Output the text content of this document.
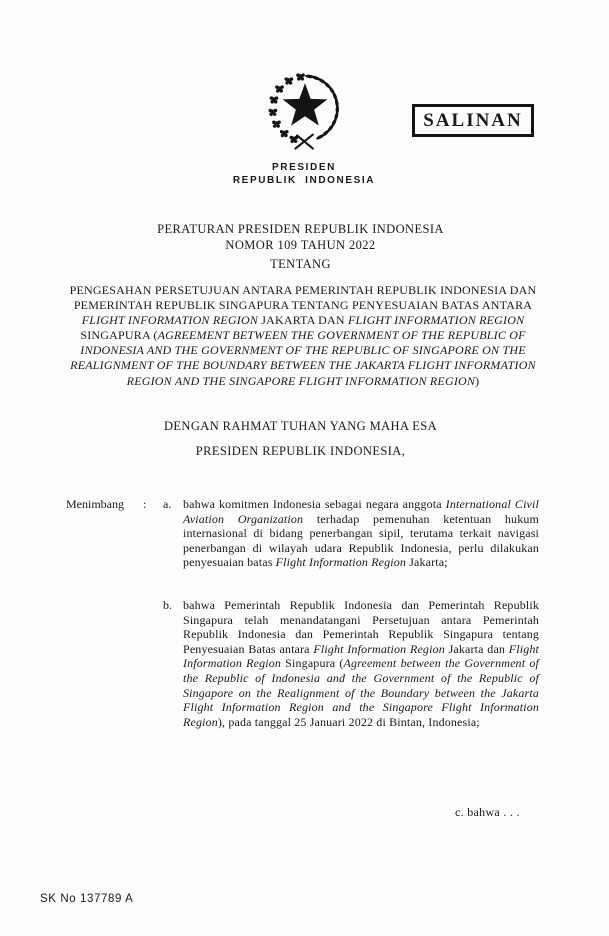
SALINAN
PRESIDEN
REPUBLIK INDONESIA
PERATURAN PRESIDEN REPUBLIK INDONESIA
NOMOR 109 TAHUN 2022
TENTANG
PENGESAHAN PERSETUJUAN ANTARA PEMERINTAH REPUBLIK INDONESIA DAN PEMERINTAH REPUBLIK SINGAPURA TENTANG PENYESUAIAN BATAS ANTARA FLIGHT INFORMATION REGION JAKARTA DAN FLIGHT INFORMATION REGION SINGAPURA (AGREEMENT BETWEEN THE GOVERNMENT OF THE REPUBLIC OF INDONESIA AND THE GOVERNMENT OF THE REPUBLIC OF SINGAPORE ON THE REALIGNMENT OF THE BOUNDARY BETWEEN THE JAKARTA FLIGHT INFORMATION REGION AND THE SINGAPORE FLIGHT INFORMATION REGION)
DENGAN RAHMAT TUHAN YANG MAHA ESA
PRESIDEN REPUBLIK INDONESIA,
Menimbang	:	a. bahwa komitmen Indonesia sebagai negara anggota International Civil Aviation Organization terhadap pemenuhan ketentuan hukum internasional di bidang penerbangan sipil, terutama terkait navigasi penerbangan di wilayah udara Republik Indonesia, perlu dilakukan penyesuaian batas Flight Information Region Jakarta;
b. bahwa Pemerintah Republik Indonesia dan Pemerintah Republik Singapura telah menandatangani Persetujuan antara Pemerintah Republik Indonesia dan Pemerintah Republik Singapura tentang Penyesuaian Batas antara Flight Information Region Jakarta dan Flight Information Region Singapura (Agreement between the Government of the Republic of Indonesia and the Government of the Republic of Singapore on the Realignment of the Boundary between the Jakarta Flight Information Region and the Singapore Flight Information Region), pada tanggal 25 Januari 2022 di Bintan, Indonesia;
c. bahwa . . .
SK No 137789 A
